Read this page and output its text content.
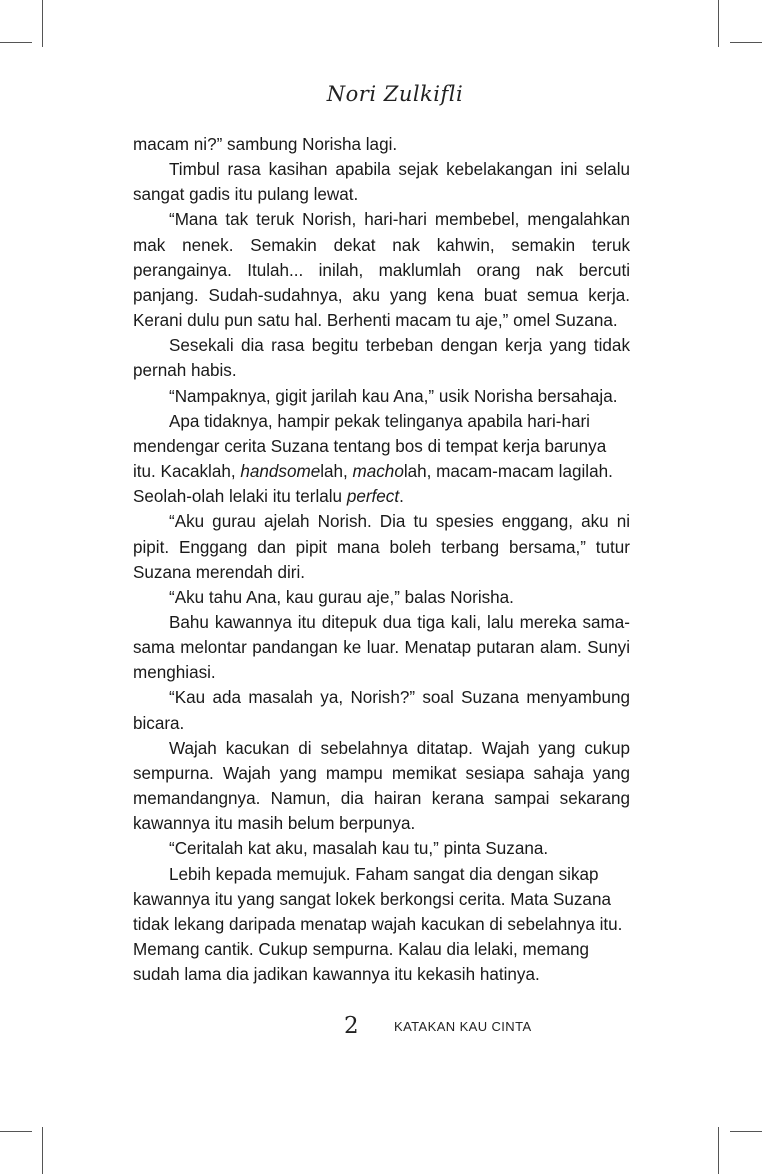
Nori Zulkifli

macam ni?” sambung Norisha lagi.

Timbul rasa kasihan apabila sejak kebelakangan ini selalu sangat gadis itu pulang lewat.

“Mana tak teruk Norish, hari-hari membebel, mengalahkan mak nenek. Semakin dekat nak kahwin, semakin teruk perangainya. Itulah... inilah, maklumlah orang nak bercuti panjang. Sudah-sudahnya, aku yang kena buat semua kerja. Kerani dulu pun satu hal. Berhenti macam tu aje,” omel Suzana.

Sesekali dia rasa begitu terbeban dengan kerja yang tidak pernah habis.

“Nampaknya, gigit jarilah kau Ana,” usik Norisha bersahaja.

Apa tidaknya, hampir pekak telinganya apabila hari-hari mendengar cerita Suzana tentang bos di tempat kerja barunya itu. Kacaklah, handsomelah, macholah, macam-macam lagilah. Seolah-olah lelaki itu terlalu perfect.

“Aku gurau ajelah Norish. Dia tu spesies enggang, aku ni pipit. Enggang dan pipit mana boleh terbang bersama,” tutur Suzana merendah diri.

“Aku tahu Ana, kau gurau aje,” balas Norisha.

Bahu kawannya itu ditepuk dua tiga kali, lalu mereka sama-sama melontar pandangan ke luar. Menatap putaran alam. Sunyi menghiasi.

“Kau ada masalah ya, Norish?” soal Suzana menyambung bicara.

Wajah kacukan di sebelahnya ditatap. Wajah yang cukup sempurna. Wajah yang mampu memikat sesiapa sahaja yang memandangnya. Namun, dia hairan kerana sampai sekarang kawannya itu masih belum berpunya.

“Ceritalah kat aku, masalah kau tu,” pinta Suzana.

Lebih kepada memujuk. Faham sangat dia dengan sikap kawannya itu yang sangat lokek berkongsi cerita. Mata Suzana tidak lekang daripada menatap wajah kacukan di sebelahnya itu. Memang cantik. Cukup sempurna. Kalau dia lelaki, memang sudah lama dia jadikan kawannya itu kekasih hatinya.

2	KATAKAN KAU CINTA
